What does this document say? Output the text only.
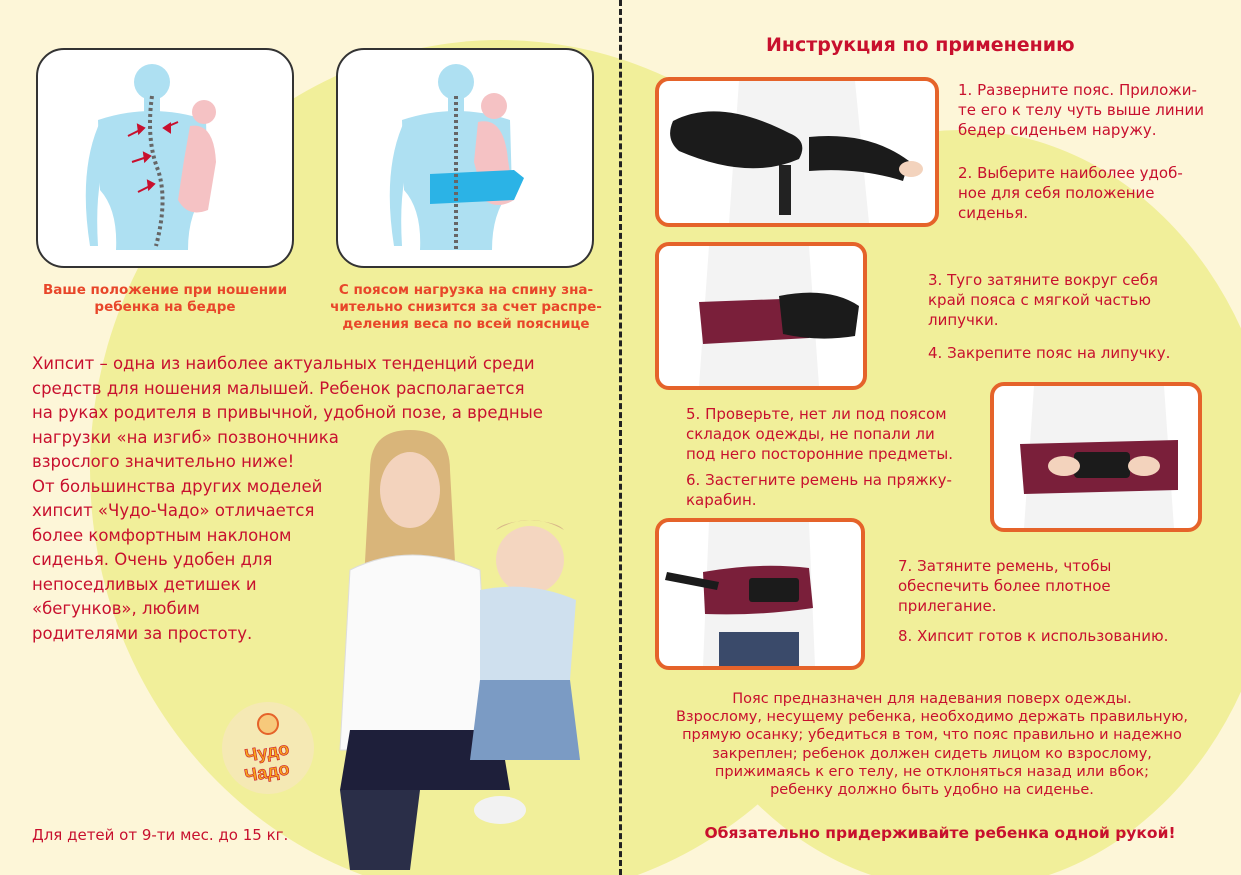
Ваше положение при ношении
ребенка на бедре
С поясом нагрузка на спину зна-
чительно снизится за счет распре-
деления веса по всей пояснице

Хипсит – одна из наиболее актуальных тенденций среди

средств для ношения малышей. Ребенок располагается

на руках родителя в привычной, удобной позе, а вредные

нагрузки «на изгиб» позвоночника

взрослого значительно ниже!

От большинства других моделей

хипсит «Чудо-Чадо» отличается

более комфортным наклоном

сиденья. Очень удобен для

непоседливых детишек и

«бегунков», любим

родителями за простоту.

Чудо
Чадо
Для детей от 9-ти мес. до 15 кг.
Инструкция по применению
1. Разверните пояс. Приложи-
те его к телу чуть выше линии
бедер сиденьем наружу.
2. Выберите наиболее удоб-
ное для себя положение
сиденья.
3. Туго затяните вокруг себя
край пояса с мягкой частью
липучки.
4. Закрепите пояс на липучку.
5. Проверьте, нет ли под поясом
складок одежды, не попали ли
под него посторонние предметы.
6. Застегните ремень на пряжку-
карабин.
7. Затяните ремень, чтобы
обеспечить более плотное
прилегание.
8. Хипсит готов к использованию.
Пояс предназначен для надевания поверх одежды.
Взрослому, несущему ребенка, необходимо держать правильную,
прямую осанку; убедиться в том, что пояс правильно и надежно
закреплен; ребенок должен сидеть лицом ко взрослому,
прижимаясь к его телу, не отклоняться назад или вбок;
ребенку должно быть удобно на сиденье.
Обязательно придерживайте ребенка одной рукой!
